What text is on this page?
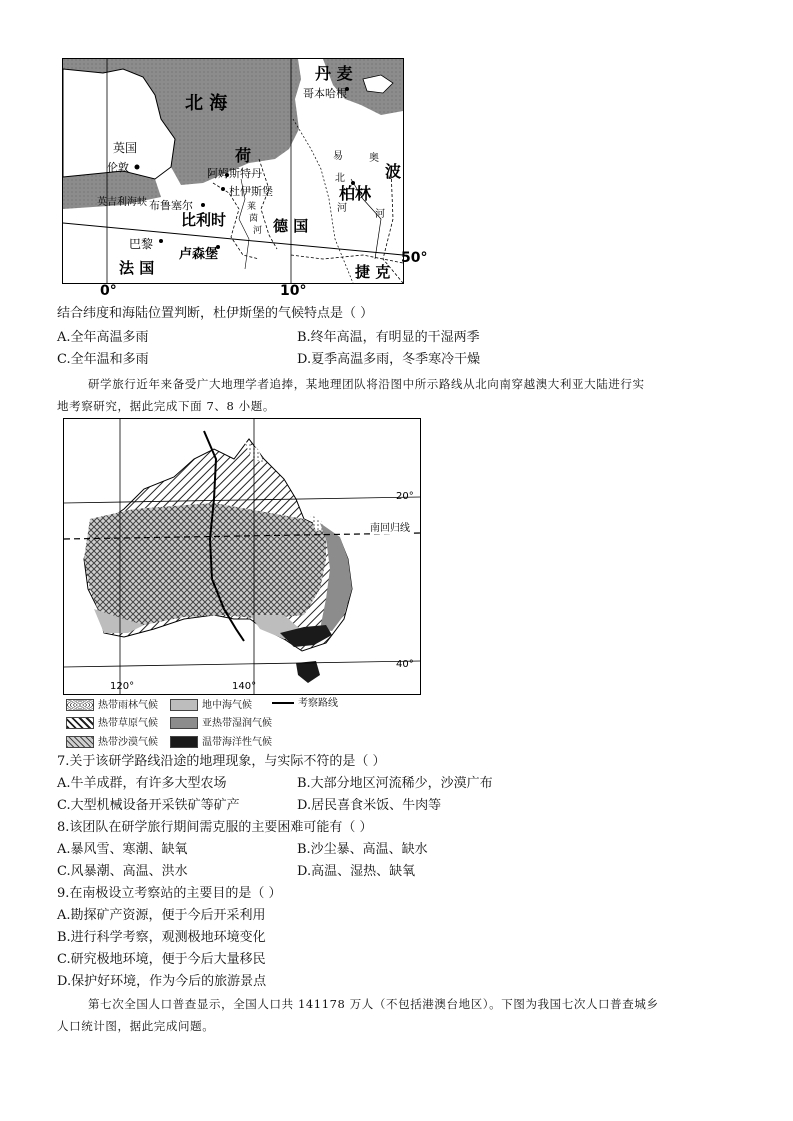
北 海
丹 麦
哥本哈根
英国
伦敦
荷
阿姆斯特丹
杜伊斯堡
英吉利海峡 布鲁塞尔
比利时	德 国
柏林
波
巴黎
卢森堡
法 国	捷 克
易	奥
北
河
河
莱
茵
河
50°
0°	10°
结合纬度和海陆位置判断，杜伊斯堡的气候特点是（ ）
A.全年高温多雨	B.终年高温，有明显的干湿两季
C.全年温和多雨	D.夏季高温多雨，冬季寒冷干燥
研学旅行近年来备受广大地理学者追捧，某地理团队将沿图中所示路线从北向南穿越澳大利亚大陆进行实
地考察研究，据此完成下面 7、8 小题。
20°
南回归线
40°
120°	140°
热带雨林气候	地中海气候	考察路线
热带草原气候	亚热带湿润气候
热带沙漠气候	温带海洋性气候
7.关于该研学路线沿途的地理现象，与实际不符的是（ ）
A.牛羊成群，有许多大型农场	B.大部分地区河流稀少，沙漠广布
C.大型机械设备开采铁矿等矿产	D.居民喜食米饭、牛肉等
8.该团队在研学旅行期间需克服的主要困难可能有（ ）
A.暴风雪、寒潮、缺氧	B.沙尘暴、高温、缺水
C.风暴潮、高温、洪水	D.高温、湿热、缺氧
9.在南极设立考察站的主要目的是（ ）
A.勘探矿产资源，便于今后开采利用
B.进行科学考察，观测极地环境变化
C.研究极地环境，便于今后大量移民
D.保护好环境，作为今后的旅游景点
第七次全国人口普查显示，全国人口共 141178 万人（不包括港澳台地区）。下图为我国七次人口普查城乡
人口统计图，据此完成问题。
